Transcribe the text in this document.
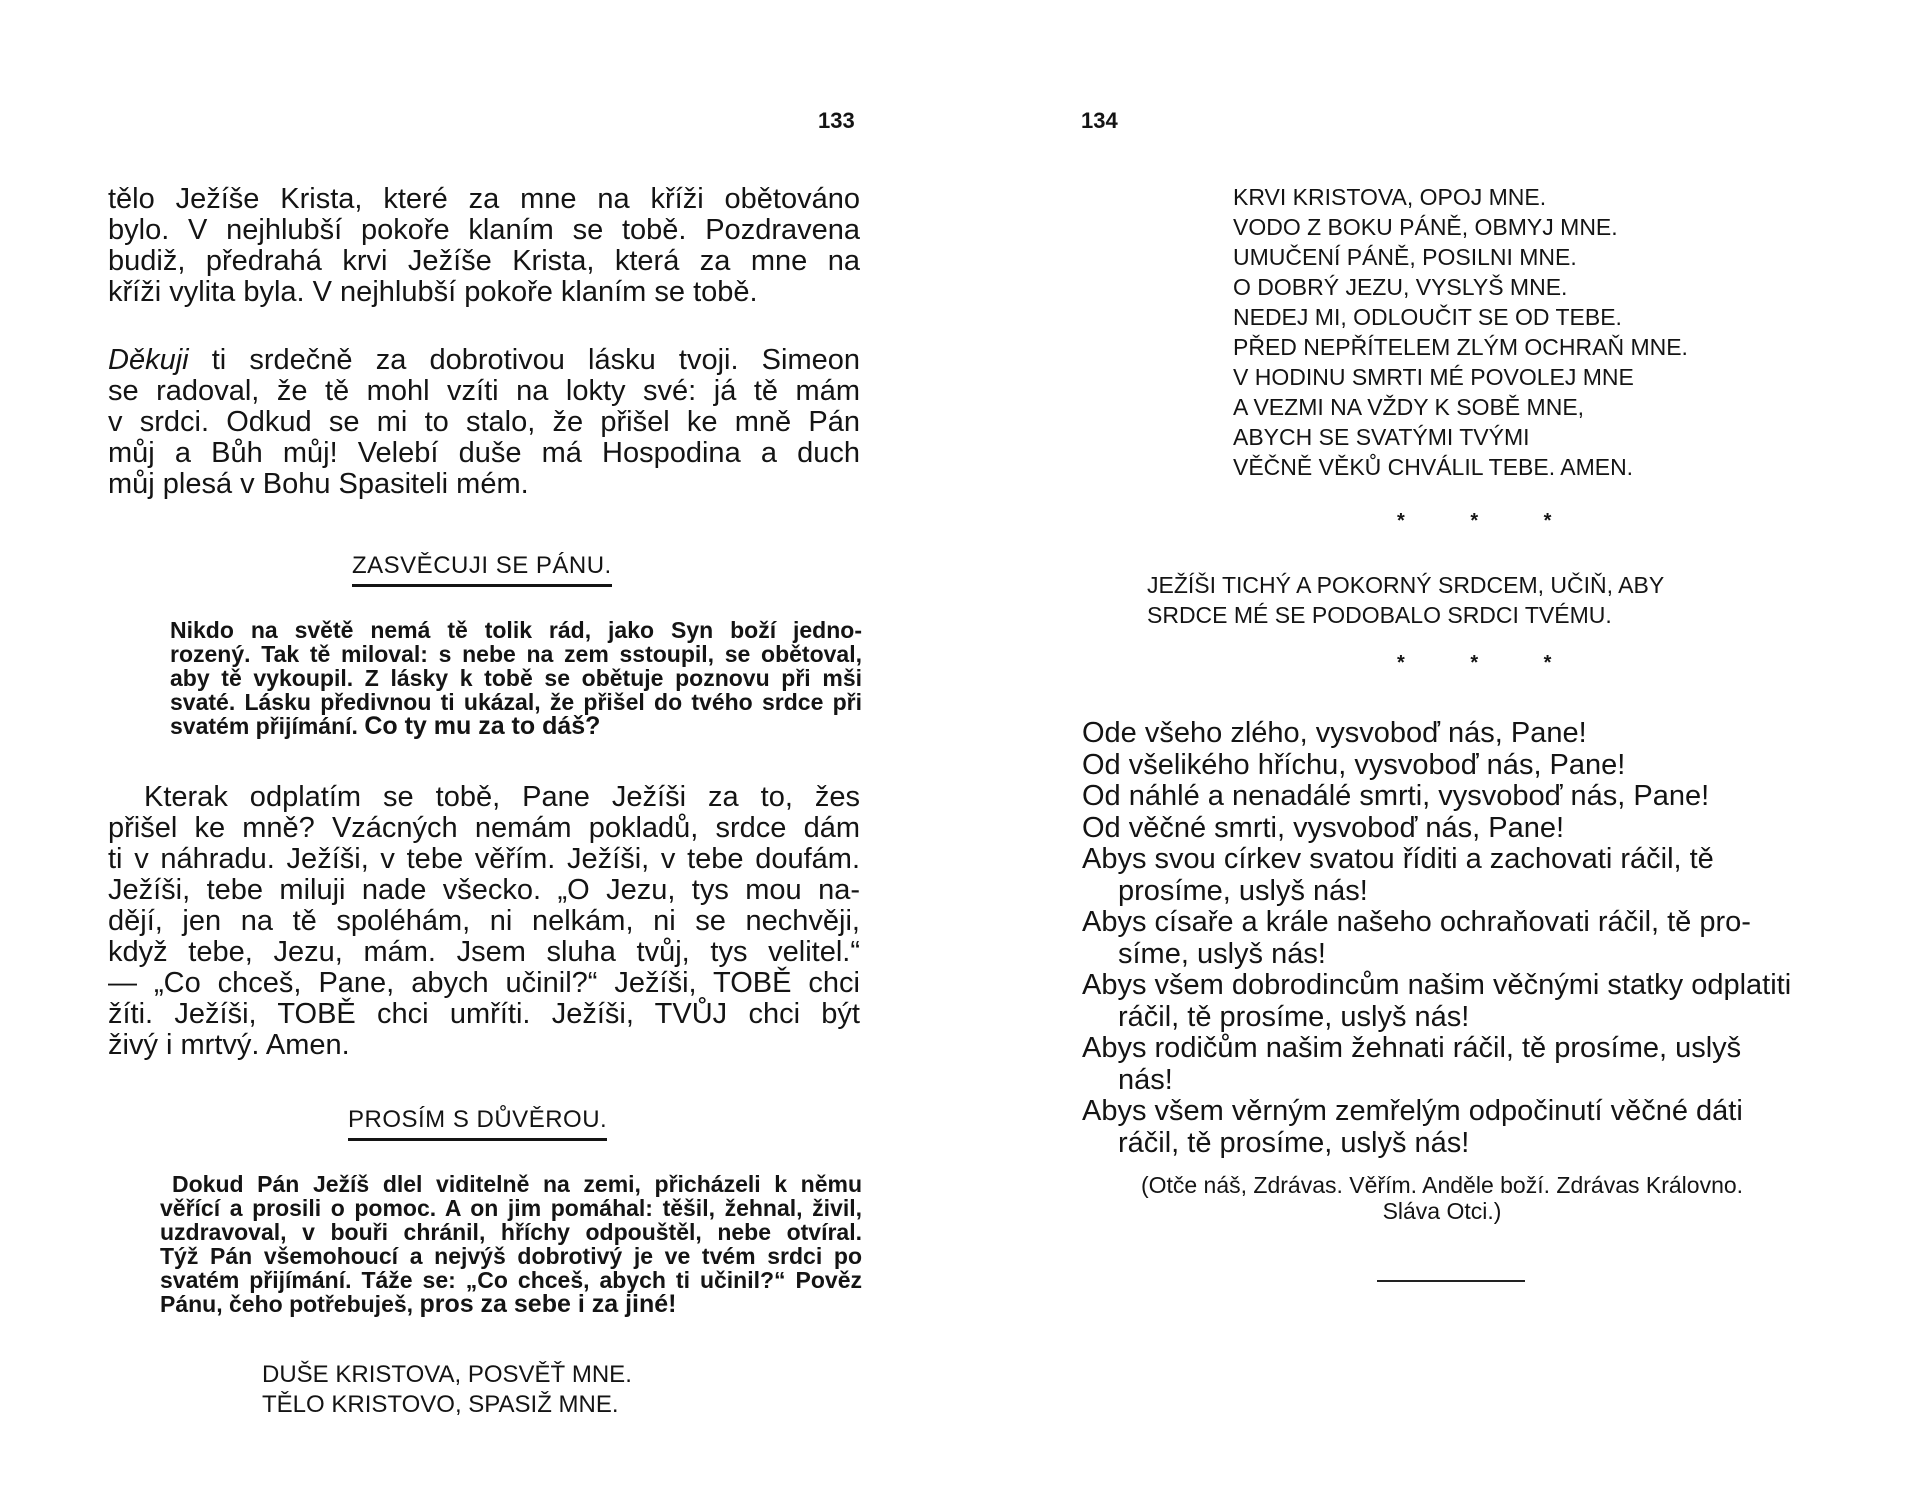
133
tělo Ježíše Krista, které za mne na kříži obětováno
bylo. V nejhlubší pokoře klaním se tobě. Pozdravena
budiž, předrahá krvi Ježíše Krista, která za mne na
kříži vylita byla. V nejhlubší pokoře klaním se tobě.
Děkuji ti srdečně za dobrotivou lásku tvoji. Simeon
se radoval, že tě mohl vzíti na lokty své: já tě mám
v srdci. Odkud se mi to stalo, že přišel ke mně Pán
můj a Bůh můj! Velebí duše má Hospodina a duch
můj plesá v Bohu Spasiteli mém.
ZASVĚCUJI SE PÁNU.
Nikdo na světě nemá tě tolik rád, jako Syn boží jedno-
rozený. Tak tě miloval: s nebe na zem sstoupil, se obětoval,
aby tě vykoupil. Z lásky k tobě se obětuje poznovu při mši
svaté. Lásku předivnou ti ukázal, že přišel do tvého srdce při
svatém přijímání. Co ty mu za to dáš?
Kterak odplatím se tobě, Pane Ježíši za to, žes
přišel ke mně? Vzácných nemám pokladů, srdce dám
ti v náhradu. Ježíši, v tebe věřím. Ježíši, v tebe doufám.
Ježíši, tebe miluji nade všecko. „O Jezu, tys mou na-
dějí, jen na tě spoléhám, ni nelkám, ni se nechvěji,
když tebe, Jezu, mám. Jsem sluha tvůj, tys velitel.“
— „Co chceš, Pane, abych učinil?“ Ježíši, TOBĚ chci
žíti. Ježíši, TOBĚ chci umříti. Ježíši, TVŮJ chci být
živý i mrtvý. Amen.
PROSÍM S DŮVĚROU.
Dokud Pán Ježíš dlel viditelně na zemi, přicházeli k němu
věřící a prosili o pomoc. A on jim pomáhal: těšil, žehnal, živil,
uzdravoval, v bouři chránil, hříchy odpouštěl, nebe otvíral.
Týž Pán všemohoucí a nejvýš dobrotivý je ve tvém srdci po
svatém přijímání. Táže se: „Co chceš, abych ti učinil?“ Pověz
Pánu, čeho potřebuješ, pros za sebe i za jiné!
DUŠE KRISTOVA, POSVĚŤ MNE.
TĚLO KRISTOVO, SPASIŽ MNE.
134
KRVI KRISTOVA, OPOJ MNE.
VODO Z BOKU PÁNĚ, OBMYJ MNE.
UMUČENÍ PÁNĚ, POSILNI MNE.
O DOBRÝ JEZU, VYSLYŠ MNE.
NEDEJ MI, ODLOUČIT SE OD TEBE.
PŘED NEPŘÍTELEM ZLÝM OCHRAŇ MNE.
V HODINU SMRTI MÉ POVOLEJ MNE
A VEZMI NA VŽDY K SOBĚ MNE,
ABYCH SE SVATÝMI TVÝMI
VĚČNĚ VĚKŮ CHVÁLIL TEBE. AMEN.
* * *
JEŽÍŠI TICHÝ A POKORNÝ SRDCEM, UČIŇ, ABY
SRDCE MÉ SE PODOBALO SRDCI TVÉMU.
* * *
Ode všeho zlého, vysvoboď nás, Pane!
Od všelikého hříchu, vysvoboď nás, Pane!
Od náhlé a nenadálé smrti, vysvoboď nás, Pane!
Od věčné smrti, vysvoboď nás, Pane!
Abys svou církev svatou říditi a zachovati ráčil, tě
prosíme, uslyš nás!
Abys císaře a krále našeho ochraňovati ráčil, tě pro-
síme, uslyš nás!
Abys všem dobrodincům našim věčnými statky odplatiti
ráčil, tě prosíme, uslyš nás!
Abys rodičům našim žehnati ráčil, tě prosíme, uslyš
nás!
Abys všem věrným zemřelým odpočinutí věčné dáti
ráčil, tě prosíme, uslyš nás!
(Otče náš, Zdrávas. Věřím. Anděle boží. Zdrávas Královno.
Sláva Otci.)
